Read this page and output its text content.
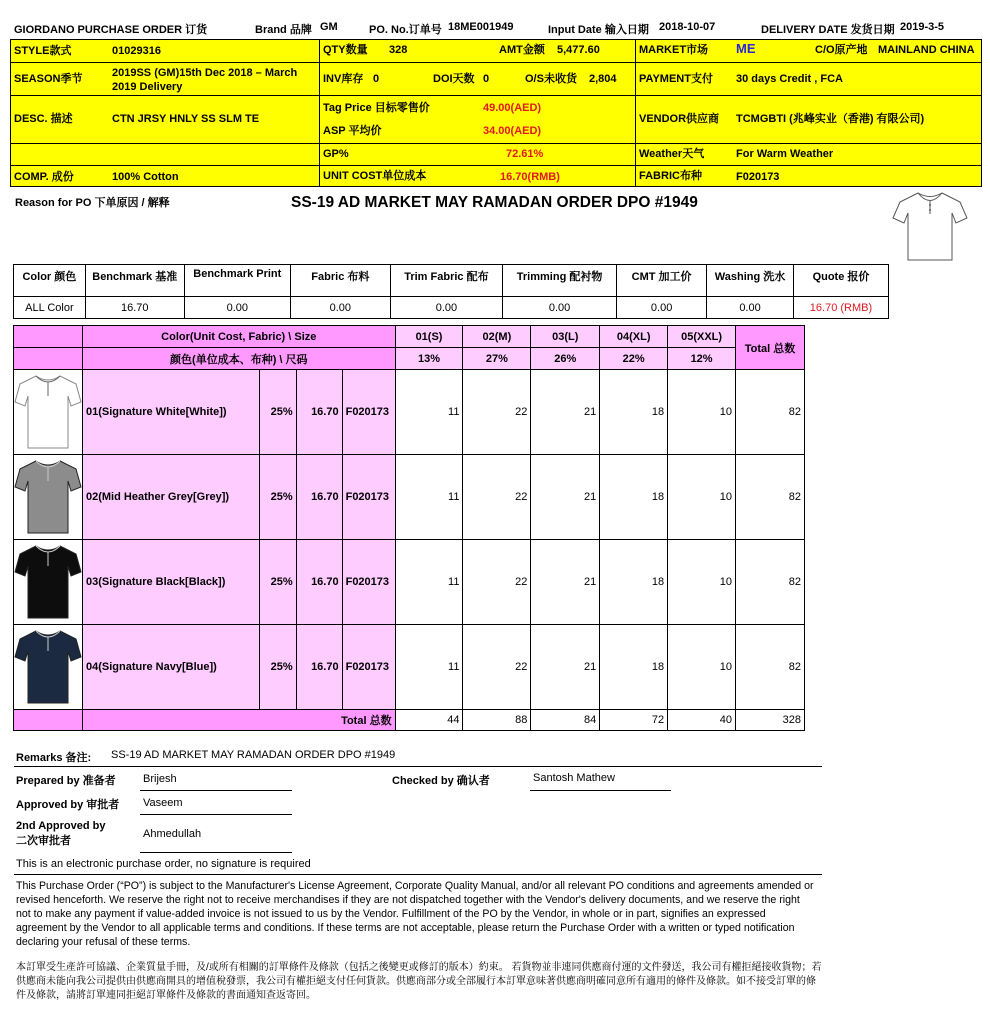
GIORDANO PURCHASE ORDER 订货	Brand 品牌 GM	PO. No.订单号 18ME001949	Input Date 输入日期 2018-10-07	DELIVERY DATE 发货日期 2019-3-5
STYLE款式	01029316
SEASON季节	2019SS (GM)15th Dec 2018 – March
2019 Delivery
DESC. 描述	CTN JRSY HNLY SS SLM TE
COMP. 成份	100% Cotton
QTY数量 328	AMT金额 5,477.60
INV库存 0	DOI天数 0	O/S未收货 2,804
Tag Price 目标零售价	49.00(AED)
ASP 平均价	34.00(AED)
GP%	72.61%
UNIT COST单位成本	16.70(RMB)
MARKET市场 ME	C/O原产地 MAINLAND CHINA
PAYMENT支付 30 days Credit , FCA
VENDOR供应商 TCMGBTI (兆峰实业（香港) 有限公司)
Weather天气	For Warm Weather
FABRIC布种	F020173
Reason for PO 下单原因 / 解释	SS-19 AD MARKET MAY RAMADAN ORDER DPO #1949
Color 颜色	Benchmark 基准	Benchmark Print	Fabric 布料	Trim Fabric 配布	Trimming 配衬物	CMT 加工价	Washing 洗水	Quote 报价
ALL Color	16.70	0.00	0.00	0.00	0.00	0.00	0.00	16.70 (RMB)
	Color(Unit Cost, Fabric) \ Size				01(S)	02(M)	03(L)	04(XL)	05(XXL)	Total 总数
	颜色(单位成本、布种) \ 尺码				13%	27%	26%	22%	12%	
	01(Signature White[White])	25%	16.70	F020173	11	22	21	18	10	82
	02(Mid Heather Grey[Grey])	25%	16.70	F020173	11	22	21	18	10	82
	03(Signature Black[Black])	25%	16.70	F020173	11	22	21	18	10	82
	04(Signature Navy[Blue])	25%	16.70	F020173	11	22	21	18	10	82
	Total 总数				44	88	84	72	40	328
Remarks 备注: SS-19 AD MARKET MAY RAMADAN ORDER DPO #1949
Prepared by 准备者 Brijesh	Checked by 确认者	Santosh Mathew
Approved by 审批者 Vaseem
2nd Approved by
二次审批者
Ahmedullah
This is an electronic purchase order, no signature is required
This Purchase Order (“PO”) is subject to the Manufacturer's License Agreement, Corporate Quality Manual, and/or all relevant PO conditions and agreements amended or revised henceforth. We reserve the right not to receive merchandises if they are not dispatched together with the Vendor's delivery documents, and we reserve the right not to make any payment if value-added invoice is not issued to us by the Vendor. Fulfillment of the PO by the Vendor, in whole or in part, signifies an expressed agreement by the Vendor to all applicable terms and conditions. If these terms are not acceptable, please return the Purchase Order with a written or typed notification declaring your refusal of these terms.
本訂單受生產許可協議、企業質量手冊，及/或所有相關的訂單條件及條款（包括之後變更或修訂的版本）約束。 若貨物並非連同供應商付運的文件發送，我公司有權拒絕接收貨物；若供應商未能向我公司提供由供應商開具的增值稅發票，我公司有權拒絕支付任何貨款。供應商部分或全部履行本訂單意味著供應商明確同意所有適用的條件及條款。如不接受訂單的條件及條款，請將訂單連同拒絕訂單條件及條款的書面通知查返寄回。
